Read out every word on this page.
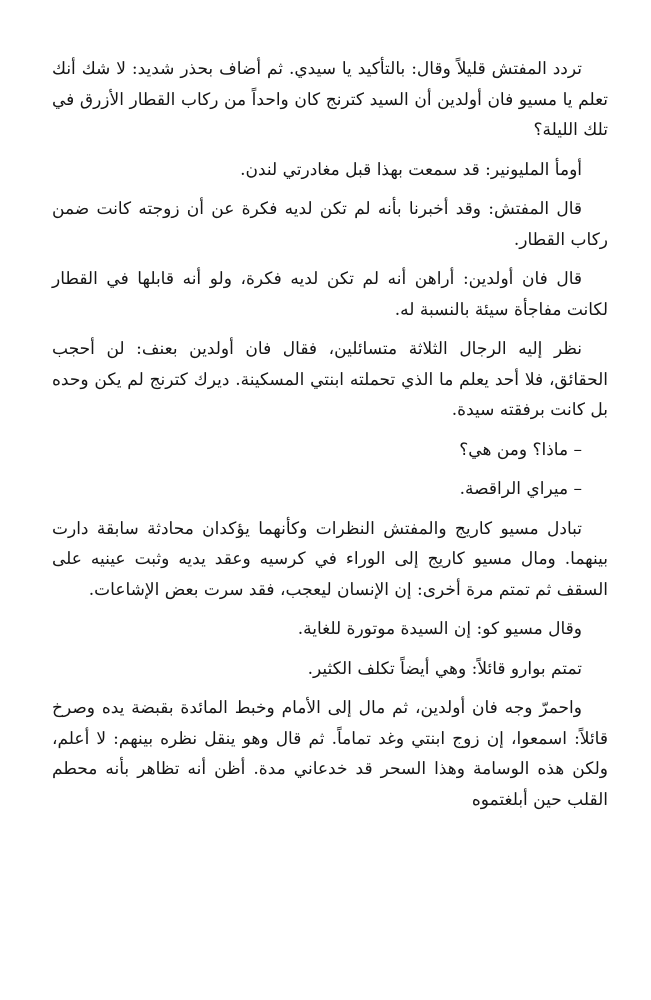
تردد المفتش قليلاً وقال: بالتأكيد يا سيدي. ثم أضاف بحذر شديد: لا شك أنك تعلم يا مسيو فان أولدين أن السيد كترنج كان واحداً من ركاب القطار الأزرق في تلك الليلة؟

أومأ المليونير: قد سمعت بهذا قبل مغادرتي لندن.

قال المفتش: وقد أخبرنا بأنه لم تكن لديه فكرة عن أن زوجته كانت ضمن ركاب القطار.

قال فان أولدين: أراهن أنه لم تكن لديه فكرة، ولو أنه قابلها في القطار لكانت مفاجأة سيئة بالنسبة له.

نظر إليه الرجال الثلاثة متسائلين، فقال فان أولدين بعنف: لن أحجب الحقائق، فلا أحد يعلم ما الذي تحملته ابنتي المسكينة. ديرك كترنج لم يكن وحده بل كانت برفقته سيدة.

– ماذا؟ ومن هي؟

– ميراي الراقصة.

تبادل مسيو كاريج والمفتش النظرات وكأنهما يؤكدان محادثة سابقة دارت بينهما. ومال مسيو كاريج إلى الوراء في كرسيه وعقد يديه وثبت عينيه على السقف ثم تمتم مرة أخرى: إن الإنسان ليعجب، فقد سرت بعض الإشاعات.

وقال مسيو كو: إن السيدة موتورة للغاية.

تمتم بوارو قائلاً: وهي أيضاً تكلف الكثير.

واحمرّ وجه فان أولدين، ثم مال إلى الأمام وخبط المائدة بقبضة يده وصرخ قائلاً: اسمعوا، إن زوج ابنتي وغد تماماً. ثم قال وهو ينقل نظره بينهم: لا أعلم، ولكن هذه الوسامة وهذا السحر قد خدعاني مدة. أظن أنه تظاهر بأنه محطم القلب حين أبلغتموه
